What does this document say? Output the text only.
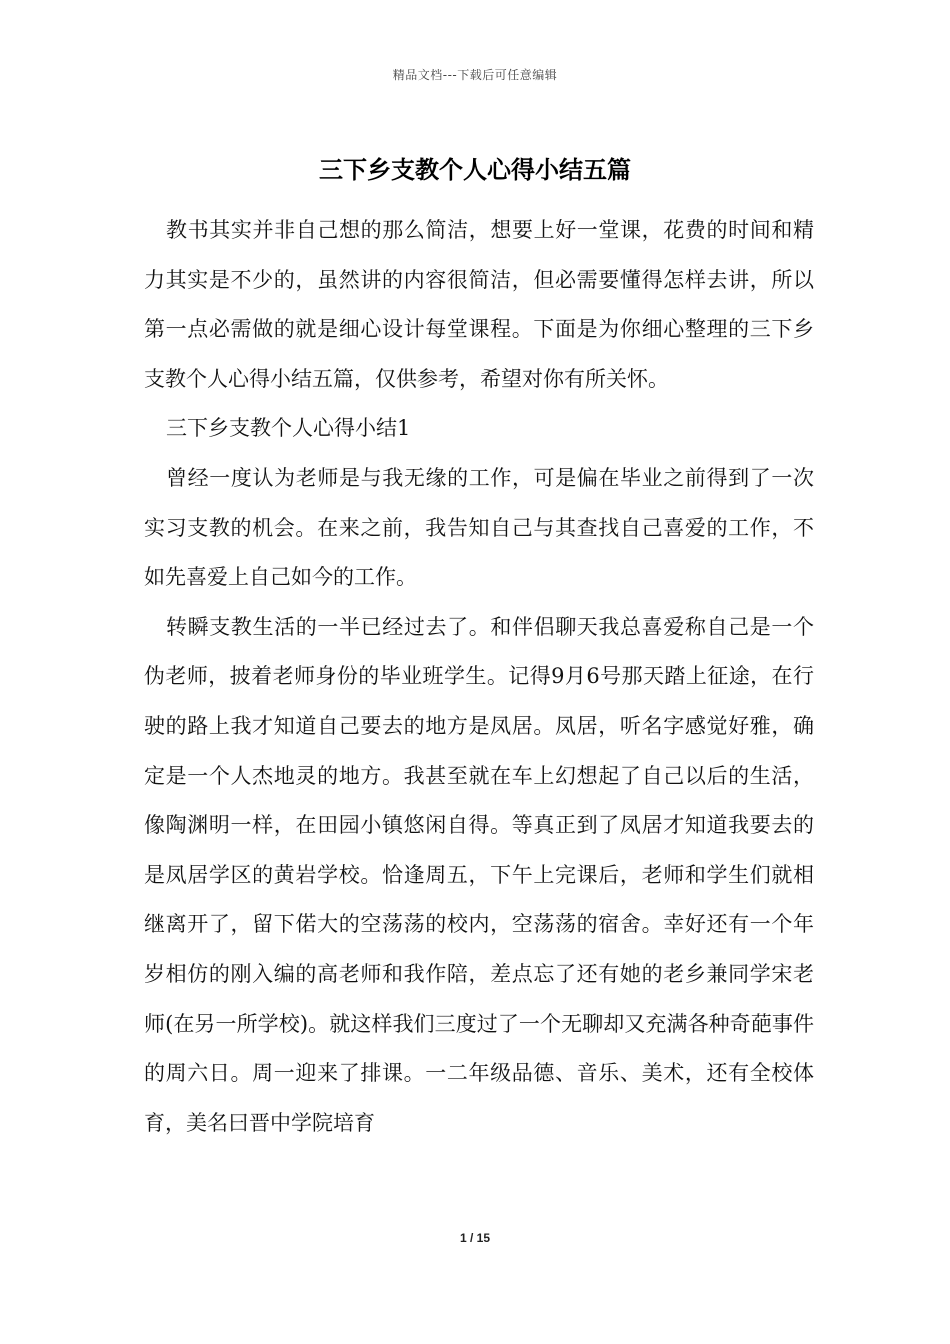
精品文档---下载后可任意编辑
三下乡支教个人心得小结五篇

教书其实并非自己想的那么简洁，想要上好一堂课，花费的时间和精力其实是不少的，虽然讲的内容很简洁，但必需要懂得怎样去讲，所以第一点必需做的就是细心设计每堂课程。下面是为你细心整理的三下乡支教个人心得小结五篇，仅供参考，希望对你有所关怀。

三下乡支教个人心得小结1

曾经一度认为老师是与我无缘的工作，可是偏在毕业之前得到了一次实习支教的机会。在来之前，我告知自己与其查找自己喜爱的工作，不如先喜爱上自己如今的工作。

转瞬支教生活的一半已经过去了。和伴侣聊天我总喜爱称自己是一个伪老师，披着老师身份的毕业班学生。记得9月6号那天踏上征途，在行驶的路上我才知道自己要去的地方是凤居。凤居，听名字感觉好雅，确定是一个人杰地灵的地方。我甚至就在车上幻想起了自己以后的生活，像陶渊明一样，在田园小镇悠闲自得。等真正到了凤居才知道我要去的是凤居学区的黄岩学校。恰逢周五，下午上完课后，老师和学生们就相继离开了，留下偌大的空荡荡的校内，空荡荡的宿舍。幸好还有一个年岁相仿的刚入编的高老师和我作陪，差点忘了还有她的老乡兼同学宋老师(在另一所学校)。就这样我们三度过了一个无聊却又充满各种奇葩事件的周六日。周一迎来了排课。一二年级品德、音乐、美术，还有全校体育，美名曰晋中学院培育

1 / 15
